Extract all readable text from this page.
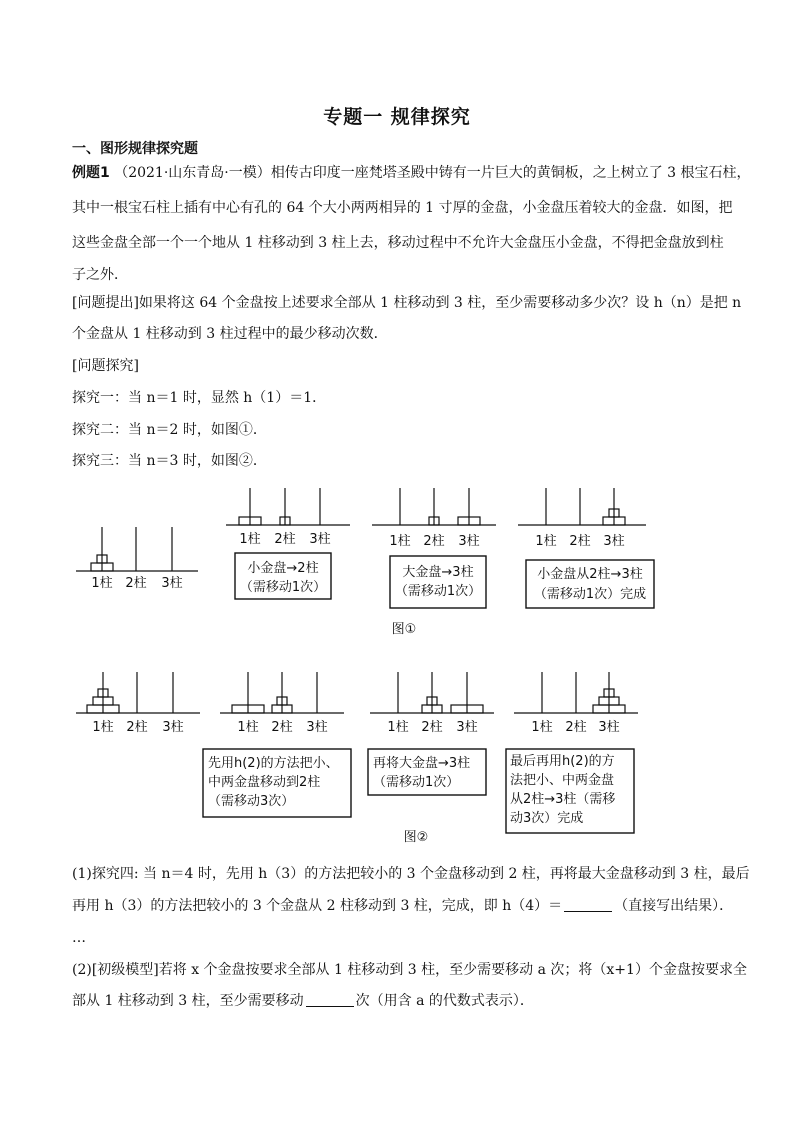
专题一 规律探究
一、图形规律探究题
例题1 （2021·山东青岛·一模）相传古印度一座梵塔圣殿中铸有一片巨大的黄铜板，之上树立了 3 根宝石柱，
其中一根宝石柱上插有中心有孔的 64 个大小两两相异的 1 寸厚的金盘，小金盘压着较大的金盘．如图，把
这些金盘全部一个一个地从 1 柱移动到 3 柱上去，移动过程中不允许大金盘压小金盘，不得把金盘放到柱
子之外．
[问题提出]如果将这 64 个金盘按上述要求全部从 1 柱移动到 3 柱，至少需要移动多少次？设 h（n）是把 n
个金盘从 1 柱移动到 3 柱过程中的最少移动次数．
[问题探究]
探究一：当 n＝1 时，显然 h（1）＝1．
探究二：当 n＝2 时，如图①．
探究三：当 n＝3 时，如图②．
1柱 2柱 3柱
1柱 2柱 3柱	1柱 2柱 3柱	1柱 2柱 3柱
小金盘→2柱
（需移动1次）
大金盘→3柱
（需移动1次）
小金盘从2柱→3柱
（需移动1次）完成
图①
1柱 2柱 3柱	1柱 2柱 3柱	1柱 2柱 3柱	1柱 2柱 3柱
先用h(2)的方法把小、
中两金盘移动到2柱
（需移动3次）
再将大金盘→3柱
（需移动1次）
最后再用h(2)的方
法把小、中两金盘
从2柱→3柱（需移
动3次）完成
图②
(1)探究四: 当 n＝4 时，先用 h（3）的方法把较小的 3 个金盘移动到 2 柱，再将最大金盘移动到 3 柱，最后
再用 h（3）的方法把较小的 3 个金盘从 2 柱移动到 3 柱，完成，即 h（4）＝	（直接写出结果）．
…
(2)[初级模型]若将 x 个金盘按要求全部从 1 柱移动到 3 柱，至少需要移动 a 次；将（x+1）个金盘按要求全
部从 1 柱移动到 3 柱，至少需要移动	次（用含 a 的代数式表示）．
